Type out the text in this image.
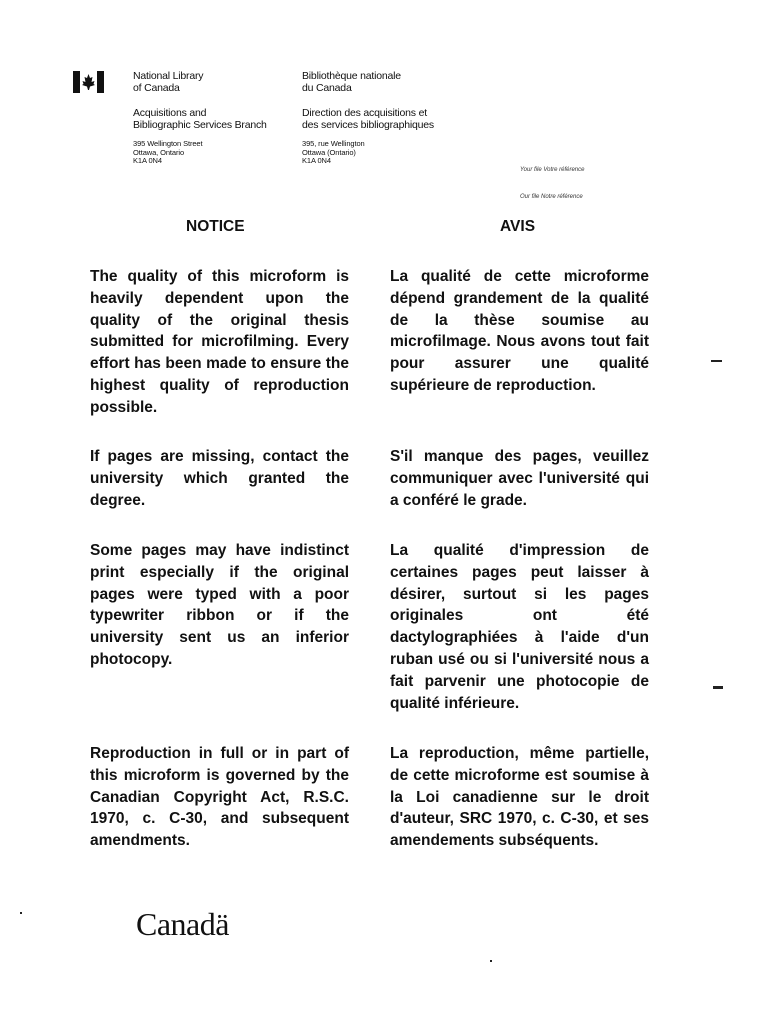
National Library
of Canada
Acquisitions and
Bibliographic Services Branch
395 Wellington Street
Ottawa, Ontario
K1A 0N4
Bibliothèque nationale
du Canada
Direction des acquisitions et
des services bibliographiques
395, rue Wellington
Ottawa (Ontario)
K1A 0N4
Your file Votre référence
Our file Notre référence
NOTICE	AVIS

The quality of this microform is heavily dependent upon the quality of the original thesis submitted for microfilming. Every effort has been made to ensure the highest quality of reproduction possible.

If pages are missing, contact the university which granted the degree.

Some pages may have indistinct print especially if the original pages were typed with a poor typewriter ribbon or if the university sent us an inferior photocopy.

Reproduction in full or in part of this microform is governed by the Canadian Copyright Act, R.S.C. 1970, c. C-30, and subsequent amendments.

La qualité de cette microforme dépend grandement de la qualité de la thèse soumise au microfilmage. Nous avons tout fait pour assurer une qualité supérieure de reproduction.

S'il manque des pages, veuillez communiquer avec l'université qui a conféré le grade.

La qualité d'impression de certaines pages peut laisser à désirer, surtout si les pages originales ont été dactylographiées à l'aide d'un ruban usé ou si l'université nous a fait parvenir une photocopie de qualité inférieure.

La reproduction, même partielle, de cette microforme est soumise à la Loi canadienne sur le droit d'auteur, SRC 1970, c. C-30, et ses amendements subséquents.

Canadä
